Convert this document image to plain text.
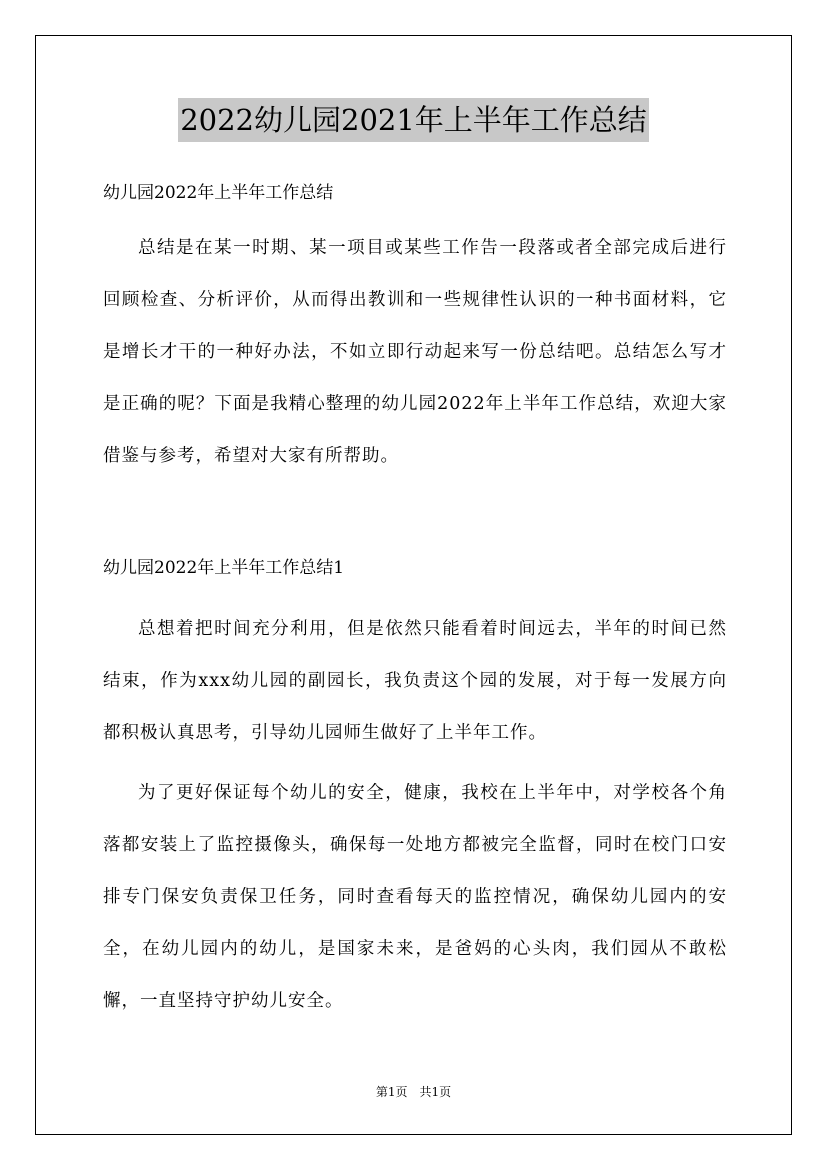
2022幼儿园2021年上半年工作总结

幼儿园2022年上半年工作总结

总结是在某一时期、某一项目或某些工作告一段落或者全部完成后进行回顾检查、分析评价，从而得出教训和一些规律性认识的一种书面材料，它是增长才干的一种好办法，不如立即行动起来写一份总结吧。总结怎么写才是正确的呢？下面是我精心整理的幼儿园2022年上半年工作总结，欢迎大家借鉴与参考，希望对大家有所帮助。

幼儿园2022年上半年工作总结1

总想着把时间充分利用，但是依然只能看着时间远去，半年的时间已然结束，作为xxx幼儿园的副园长，我负责这个园的发展，对于每一发展方向都积极认真思考，引导幼儿园师生做好了上半年工作。

为了更好保证每个幼儿的安全，健康，我校在上半年中，对学校各个角落都安装上了监控摄像头，确保每一处地方都被完全监督，同时在校门口安排专门保安负责保卫任务，同时查看每天的监控情况，确保幼儿园内的安全，在幼儿园内的幼儿，是国家未来，是爸妈的心头肉，我们园从不敢松懈，一直坚持守护幼儿安全。

第1页　共1页
